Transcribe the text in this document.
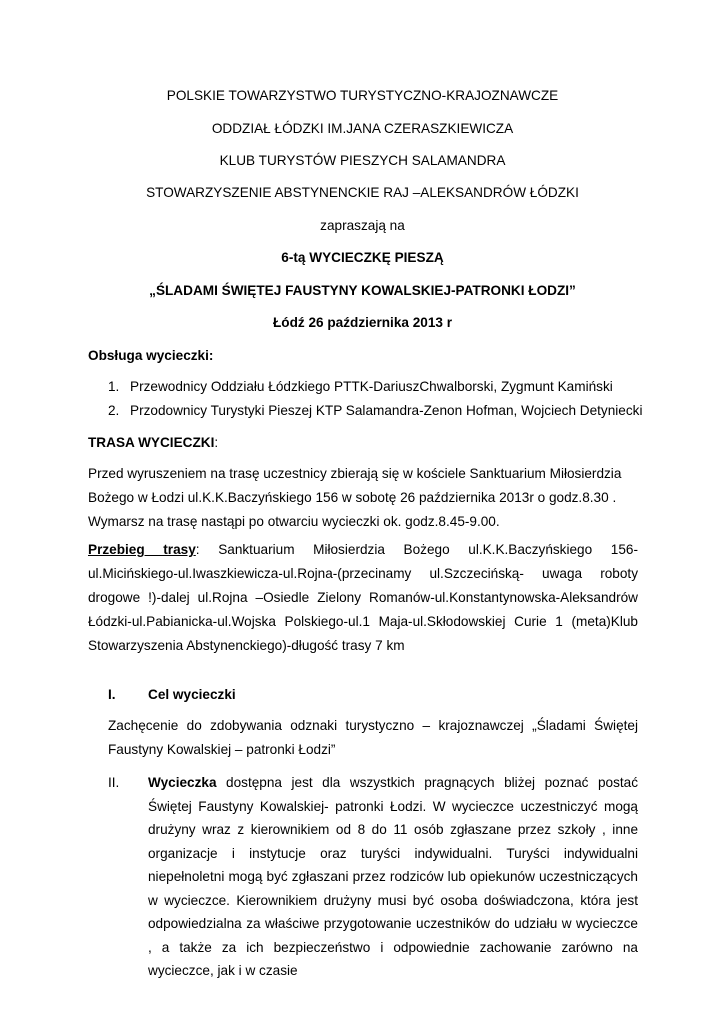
POLSKIE TOWARZYSTWO TURYSTYCZNO-KRAJOZNAWCZE
ODDZIAŁ ŁÓDZKI IM.JANA CZERASZKIEWICZA
KLUB TURYSTÓW PIESZYCH SALAMANDRA
STOWARZYSZENIE ABSTYNENCKIE RAJ –ALEKSANDRÓW ŁÓDZKI
zapraszają na
6-tą WYCIECZKĘ PIESZĄ
„ŚLADAMI ŚWIĘTEJ FAUSTYNY KOWALSKIEJ-PATRONKI ŁODZI”
Łódź 26 października 2013 r
Obsługa wycieczki:
1. Przewodnicy Oddziału Łódzkiego PTTK-DariuszChwalborski, Zygmunt Kamiński
2. Przodownicy Turystyki Pieszej KTP Salamandra-Zenon Hofman, Wojciech Detyniecki
TRASA WYCIECZKI:
Przed wyruszeniem na trasę uczestnicy zbierają się w kościele Sanktuarium Miłosierdzia Bożego w Łodzi ul.K.K.Baczyńskiego 156 w sobotę 26 października 2013r o godz.8.30 . Wymarsz na trasę nastąpi po otwarciu wycieczki ok. godz.8.45-9.00.
Przebieg trasy: Sanktuarium Miłosierdzia Bożego ul.K.K.Baczyńskiego 156-ul.Micińskiego-ul.Iwaszkiewicza-ul.Rojna-(przecinamy ul.Szczecińską- uwaga roboty drogowe !)-dalej ul.Rojna –Osiedle Zielony Romanów-ul.Konstantynowska-Aleksandrów Łódzki-ul.Pabianicka-ul.Wojska Polskiego-ul.1 Maja-ul.Skłodowskiej Curie 1 (meta)Klub Stowarzyszenia Abstynenckiego)-długość trasy 7 km
I. Cel wycieczki
Zachęcenie do zdobywania odznaki turystyczno – krajoznawczej „Śladami Świętej Faustyny Kowalskiej – patronki Łodzi”
II. Wycieczka dostępna jest dla wszystkich pragnących bliżej poznać postać Świętej Faustyny Kowalskiej- patronki Łodzi. W wycieczce uczestniczyć mogą drużyny wraz z kierownikiem od 8 do 11 osób zgłaszane przez szkoły , inne organizacje i instytucje oraz turyści indywidualni. Turyści indywidualni niepełnoletni mogą być zgłaszani przez rodziców lub opiekunów uczestniczących w wycieczce. Kierownikiem drużyny musi być osoba doświadczona, która jest odpowiedzialna za właściwe przygotowanie uczestników do udziału w wycieczce , a także za ich bezpieczeństwo i odpowiednie zachowanie zarówno na wycieczce, jak i w czasie
